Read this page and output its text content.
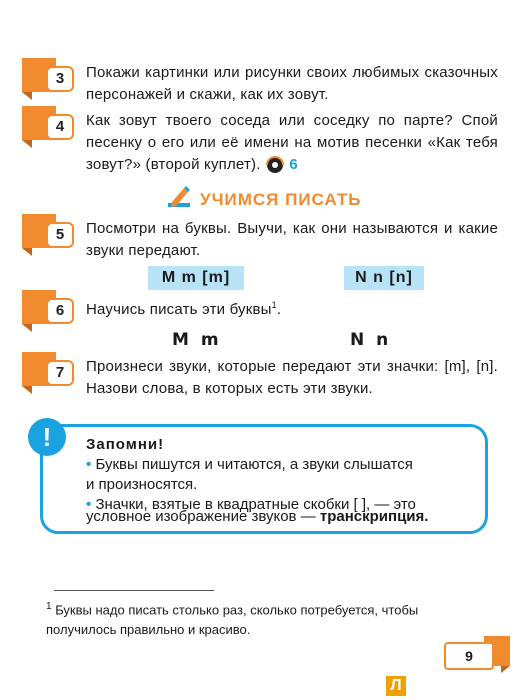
3	Покажи картинки или рисунки своих любимых сказочных персонажей и скажи, как их зовут.
4	Как зовут твоего соседа или соседку по парте? Спой песенку о его или её имени на мотив песенки «Как тебя зовут?» (второй куплет). 6
УЧИМСЯ ПИСАТЬ
5	Посмотри на буквы. Выучи, как они называются и какие звуки передают.
M m [m]	N n [n]
6	Научись писать эти буквы$^1$.
M m	N n
7	Произнеси звуки, которые передают эти значки: [m], [n]. Назови слова, в которых есть эти звуки.
!	Запомни!
• Буквы пишутся и читаются, а звуки слышатся
и произносятся.
• Значки, взятые в квадратные скобки [ ], — это
условное изображение звуков — транскрипция.
$^1$ Буквы надо писать столько раз, сколько потребуется, чтобы получилось правильно и красиво.
9
Л
